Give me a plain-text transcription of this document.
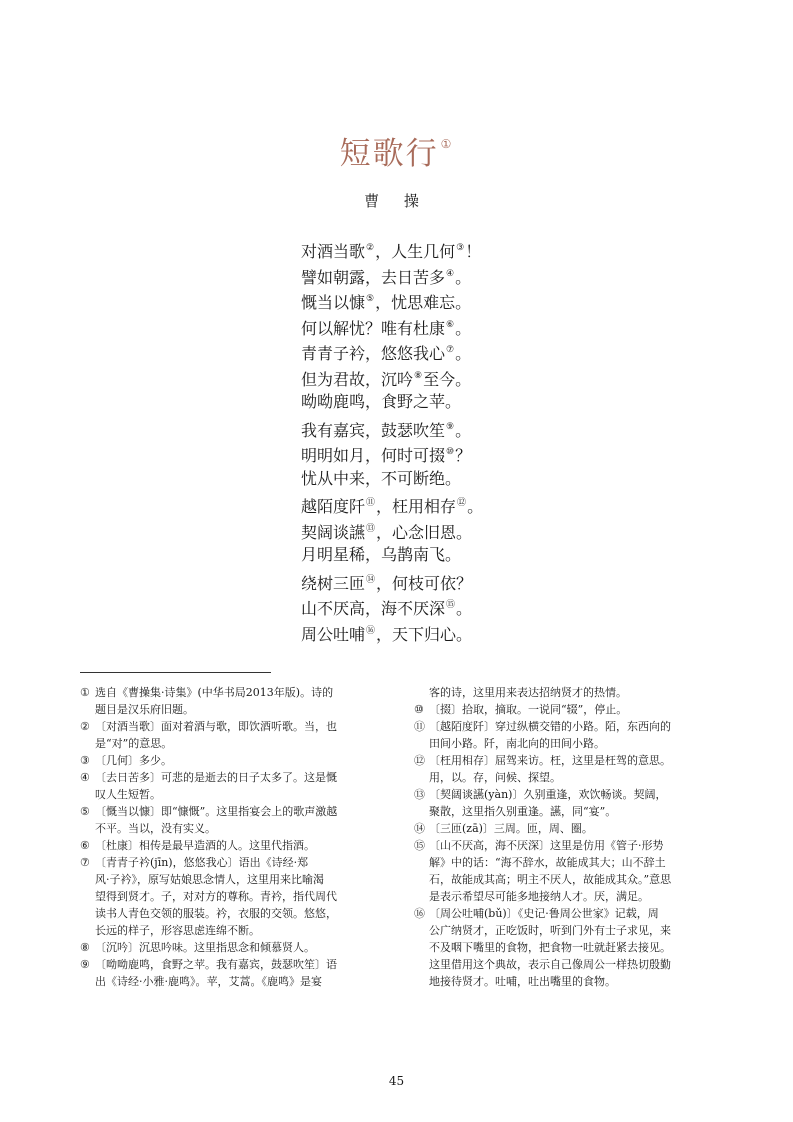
短歌行 ①
曹 操
对酒当歌②，人生几何③！
譬如朝露，去日苦多④。
慨当以慷⑤，忧思难忘。
何以解忧？唯有杜康⑥。
青青子衿，悠悠我心⑦。
但为君故，沉吟⑧至今。
呦呦鹿鸣，食野之苹。
我有嘉宾，鼓瑟吹笙⑨。
明明如月，何时可掇⑩？
忧从中来，不可断绝。
越陌度阡⑪，枉用相存⑫。
契阔谈讌⑬，心念旧恩。
月明星稀，乌鹊南飞。
绕树三匝⑭，何枝可依？
山不厌高，海不厌深⑮。
周公吐哺⑯，天下归心。
① 选自《曹操集·诗集》(中华书局2013年版)。诗的
题目是汉乐府旧题。
② 〔对酒当歌〕面对着酒与歌，即饮酒听歌。当，也
是“对”的意思。
③ 〔几何〕多少。
④ 〔去日苦多〕可悲的是逝去的日子太多了。这是慨
叹人生短暂。
⑤ 〔慨当以慷〕即“慷慨”。这里指宴会上的歌声激越
不平。当以，没有实义。
⑥ 〔杜康〕相传是最早造酒的人。这里代指酒。
⑦ 〔青青子衿(jīn)，悠悠我心〕语出《诗经·郑
风·子衿》，原写姑娘思念情人，这里用来比喻渴
望得到贤才。子，对对方的尊称。青衿，指代周代
读书人青色交领的服装。衿，衣服的交领。悠悠，
长远的样子，形容思虑连绵不断。
⑧ 〔沉吟〕沉思吟味。这里指思念和倾慕贤人。
⑨ 〔呦呦鹿鸣，食野之苹。我有嘉宾，鼓瑟吹笙〕语
出《诗经·小雅·鹿鸣》。苹，艾蒿。《鹿鸣》是宴
客的诗，这里用来表达招纳贤才的热情。
⑩ 〔掇〕拾取，摘取。一说同“辍”，停止。
⑪ 〔越陌度阡〕穿过纵横交错的小路。陌，东西向的
田间小路。阡，南北向的田间小路。
⑫ 〔枉用相存〕屈驾来访。枉，这里是枉驾的意思。
用，以。存，问候、探望。
⑬ 〔契阔谈讌(yàn)〕久别重逢，欢饮畅谈。契阔，
聚散，这里指久别重逢。讌，同“宴”。
⑭ 〔三匝(zā)〕三周。匝，周、圈。
⑮ 〔山不厌高，海不厌深〕这里是仿用《管子·形势
解》中的话：“海不辞水，故能成其大；山不辞土
石，故能成其高；明主不厌人，故能成其众。”意思
是表示希望尽可能多地接纳人才。厌，满足。
⑯ 〔周公吐哺(bǔ)〕《史记·鲁周公世家》记载，周
公广纳贤才，正吃饭时，听到门外有士子求见，来
不及咽下嘴里的食物，把食物一吐就赶紧去接见。
这里借用这个典故，表示自己像周公一样热切殷勤
地接待贤才。吐哺，吐出嘴里的食物。
45
